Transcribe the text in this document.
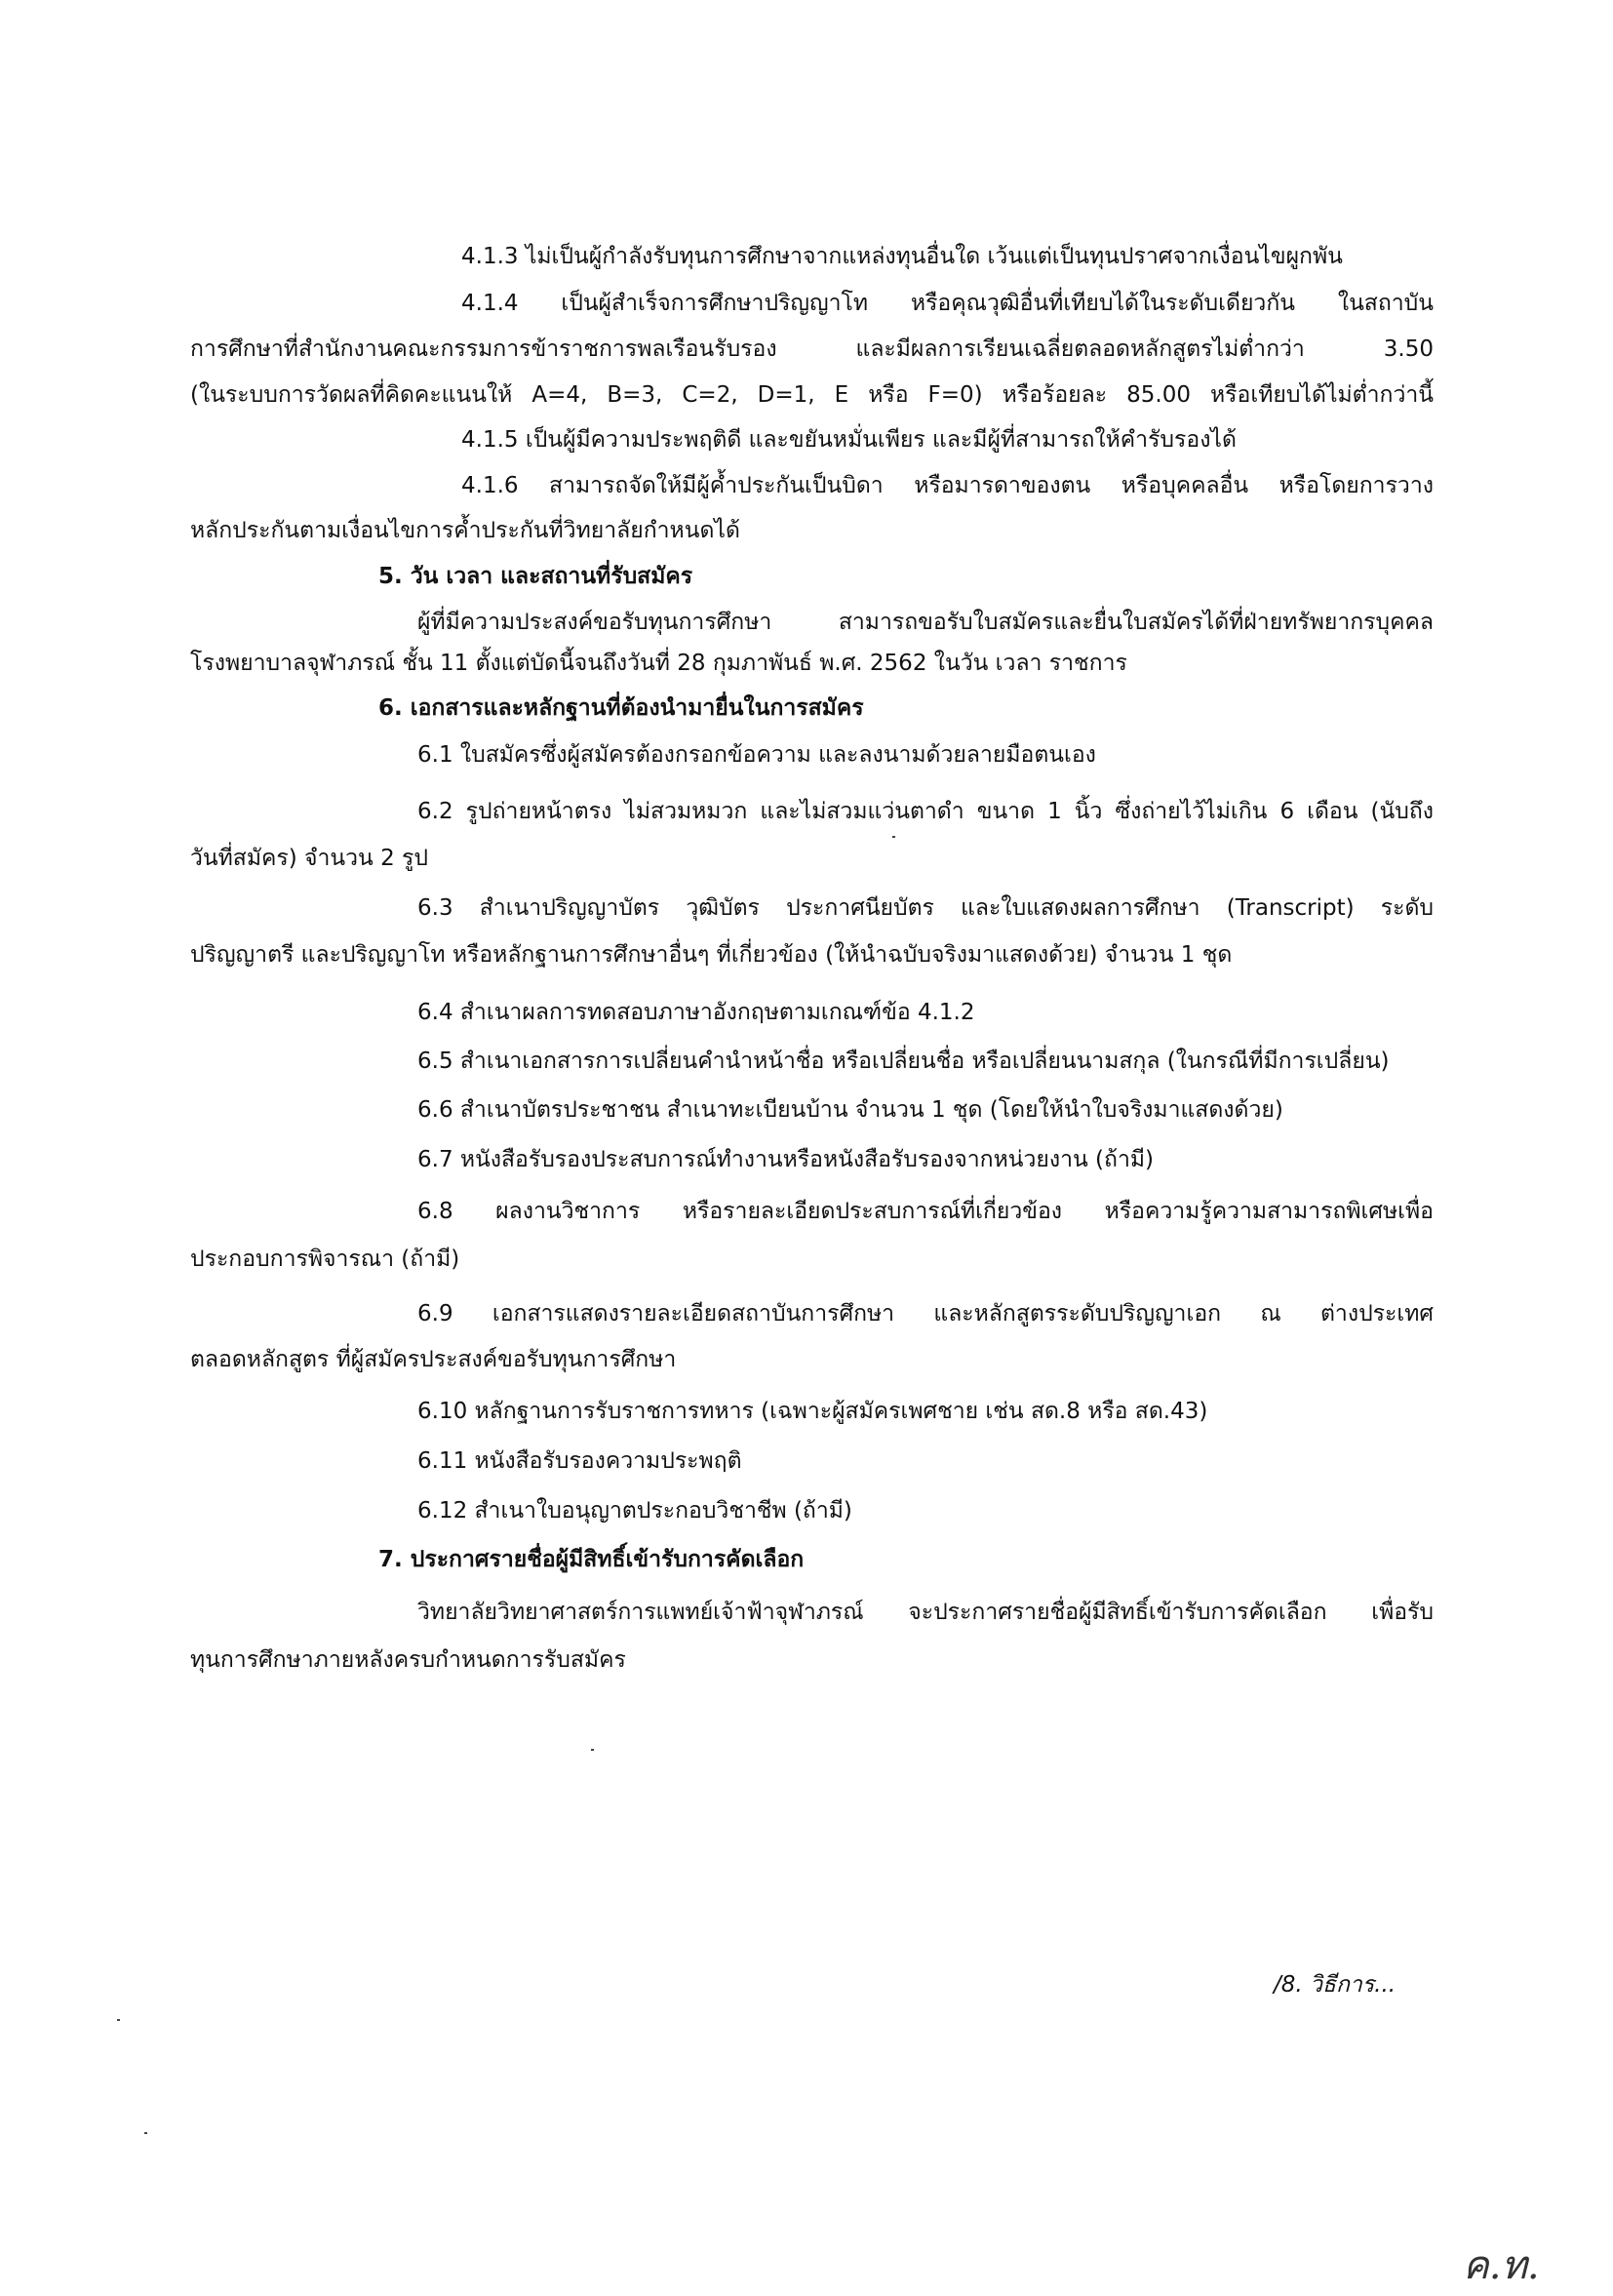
4.1.3 ไม่เป็นผู้กำลังรับทุนการศึกษาจากแหล่งทุนอื่นใด เว้นแต่เป็นทุนปราศจากเงื่อนไขผูกพัน
4.1.4 เป็นผู้สำเร็จการศึกษาปริญญาโท หรือคุณวุฒิอื่นที่เทียบได้ในระดับเดียวกัน ในสถาบัน
การศึกษาที่สำนักงานคณะกรรมการข้าราชการพลเรือนรับรอง และมีผลการเรียนเฉลี่ยตลอดหลักสูตรไม่ต่ำกว่า 3.50
(ในระบบการวัดผลที่คิดคะแนนให้ A=4, B=3, C=2, D=1, E หรือ F=0) หรือร้อยละ 85.00 หรือเทียบได้ไม่ต่ำกว่านี้
4.1.5 เป็นผู้มีความประพฤติดี และขยันหมั่นเพียร และมีผู้ที่สามารถให้คำรับรองได้
4.1.6 สามารถจัดให้มีผู้ค้ำประกันเป็นบิดา หรือมารดาของตน หรือบุคคลอื่น หรือโดยการวาง
หลักประกันตามเงื่อนไขการค้ำประกันที่วิทยาลัยกำหนดได้
5. วัน เวลา และสถานที่รับสมัคร
ผู้ที่มีความประสงค์ขอรับทุนการศึกษา สามารถขอรับใบสมัครและยื่นใบสมัครได้ที่ฝ่ายทรัพยากรบุคคล
โรงพยาบาลจุฬาภรณ์ ชั้น 11 ตั้งแต่บัดนี้จนถึงวันที่ 28 กุมภาพันธ์ พ.ศ. 2562 ในวัน เวลา ราชการ
6. เอกสารและหลักฐานที่ต้องนำมายื่นในการสมัคร
6.1 ใบสมัครซึ่งผู้สมัครต้องกรอกข้อความ และลงนามด้วยลายมือตนเอง
6.2 รูปถ่ายหน้าตรง ไม่สวมหมวก และไม่สวมแว่นตาดำ ขนาด 1 นิ้ว ซึ่งถ่ายไว้ไม่เกิน 6 เดือน (นับถึง
วันที่สมัคร) จำนวน 2 รูป
6.3 สำเนาปริญญาบัตร วุฒิบัตร ประกาศนียบัตร และใบแสดงผลการศึกษา (Transcript) ระดับ
ปริญญาตรี และปริญญาโท หรือหลักฐานการศึกษาอื่นๆ ที่เกี่ยวข้อง (ให้นำฉบับจริงมาแสดงด้วย) จำนวน 1 ชุด
6.4 สำเนาผลการทดสอบภาษาอังกฤษตามเกณฑ์ข้อ 4.1.2
6.5 สำเนาเอกสารการเปลี่ยนคำนำหน้าชื่อ หรือเปลี่ยนชื่อ หรือเปลี่ยนนามสกุล (ในกรณีที่มีการเปลี่ยน)
6.6 สำเนาบัตรประชาชน สำเนาทะเบียนบ้าน จำนวน 1 ชุด (โดยให้นำใบจริงมาแสดงด้วย)
6.7 หนังสือรับรองประสบการณ์ทำงานหรือหนังสือรับรองจากหน่วยงาน (ถ้ามี)
6.8 ผลงานวิชาการ หรือรายละเอียดประสบการณ์ที่เกี่ยวข้อง หรือความรู้ความสามารถพิเศษเพื่อ
ประกอบการพิจารณา (ถ้ามี)
6.9 เอกสารแสดงรายละเอียดสถาบันการศึกษา และหลักสูตรระดับปริญญาเอก ณ ต่างประเทศ
ตลอดหลักสูตร ที่ผู้สมัครประสงค์ขอรับทุนการศึกษา
6.10 หลักฐานการรับราชการทหาร (เฉพาะผู้สมัครเพศชาย เช่น สด.8 หรือ สด.43)
6.11 หนังสือรับรองความประพฤติ
6.12 สำเนาใบอนุญาตประกอบวิชาชีพ (ถ้ามี)
7. ประกาศรายชื่อผู้มีสิทธิ์เข้ารับการคัดเลือก
วิทยาลัยวิทยาศาสตร์การแพทย์เจ้าฟ้าจุฬาภรณ์ จะประกาศรายชื่อผู้มีสิทธิ์เข้ารับการคัดเลือก เพื่อรับ
ทุนการศึกษาภายหลังครบกำหนดการรับสมัคร
/8. วิธีการ...
ค.ท.
